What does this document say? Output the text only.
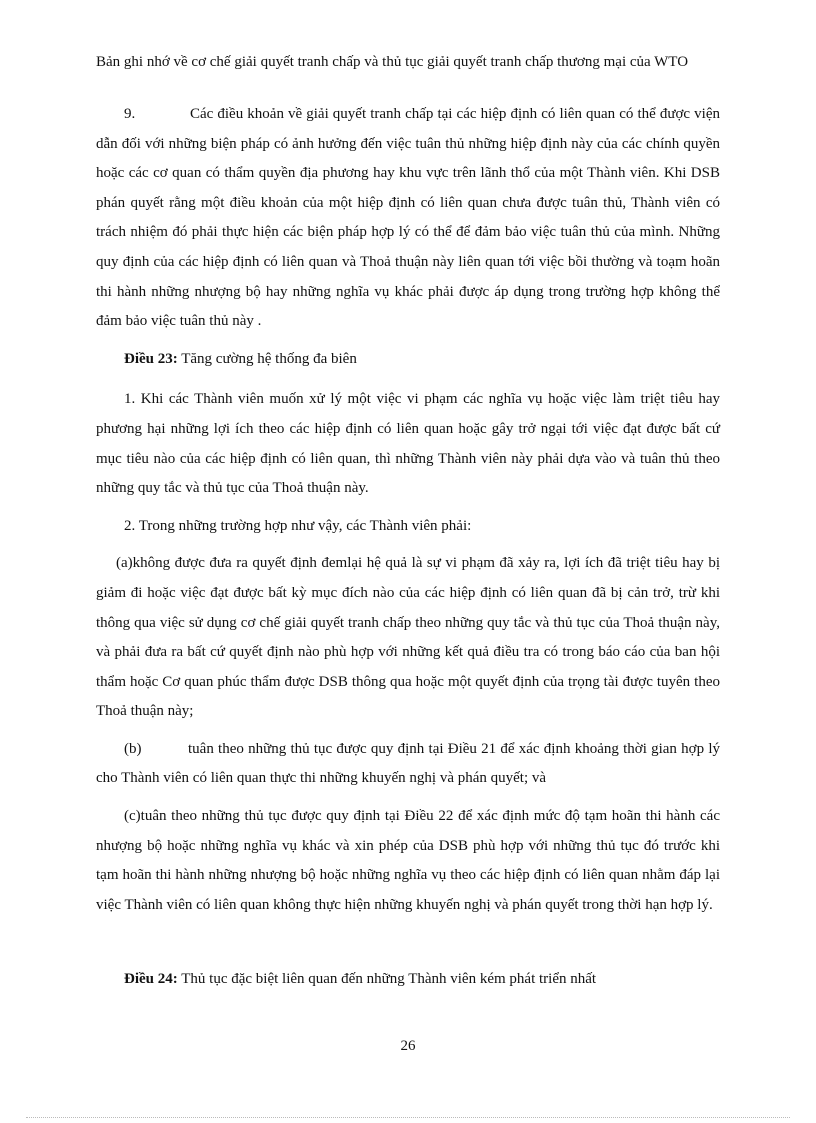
Bản ghi nhớ về cơ chế giải quyết tranh chấp và thủ tục giải quyết tranh chấp thương mại của WTO

9.	Các điều khoản về giải quyết tranh chấp tại các hiệp định có liên quan có thể được viện dẫn đối với những biện pháp có ảnh hưởng đến việc tuân thủ những hiệp định này của các chính quyền hoặc các cơ quan có thẩm quyền địa phương hay khu vực trên lãnh thổ của một Thành viên. Khi DSB phán quyết rằng một điều khoản của một hiệp định có liên quan chưa được tuân thủ, Thành viên có trách nhiệm đó phải thực hiện các biện pháp hợp lý có thể để đảm bảo việc tuân thủ của mình. Những quy định của các hiệp định có liên quan và Thoả thuận này liên quan tới việc bồi thường và toạm hoãn thi hành những nhượng bộ hay những nghĩa vụ khác phải được áp dụng trong trường hợp không thể đảm bảo việc tuân thủ này .

Điều 23: Tăng cường hệ thống đa biên

1. Khi các Thành viên muốn xử lý một việc vi phạm các nghĩa vụ hoặc việc làm triệt tiêu hay phương hại những lợi ích theo các hiệp định có liên quan hoặc gây trở ngại tới việc đạt được bất cứ mục tiêu nào của các hiệp định có liên quan, thì những Thành viên này phải dựa vào và tuân thủ theo những quy tắc và thủ tục của Thoả thuận này.

2. Trong những trường hợp như vậy, các Thành viên phải:

(a)không được đưa ra quyết định đemlại hệ quả là sự vi phạm đã xảy ra, lợi ích đã triệt tiêu hay bị giảm đi hoặc việc đạt được bất kỳ mục đích nào của các hiệp định có liên quan đã bị cản trở, trừ khi thông qua việc sử dụng cơ chế giải quyết tranh chấp theo những quy tắc và thủ tục của Thoả thuận này, và phải đưa ra bất cứ quyết định nào phù hợp với những kết quả điều tra có trong báo cáo của ban hội thẩm hoặc Cơ quan phúc thẩm được DSB thông qua hoặc một quyết định của trọng tài được tuyên theo Thoả thuận này;

(b)	tuân theo những thủ tục được quy định tại Điều 21 để xác định khoảng thời gian hợp lý cho Thành viên có liên quan thực thi những khuyến nghị và phán quyết; và

(c)tuân theo những thủ tục được quy định tại Điều 22 để xác định mức độ tạm hoãn thi hành các nhượng bộ hoặc những nghĩa vụ khác và xin phép của DSB phù hợp với những thủ tục đó trước khi tạm hoãn thi hành những nhượng bộ hoặc những nghĩa vụ theo các hiệp định có liên quan nhằm đáp lại việc Thành viên có liên quan không thực hiện những khuyến nghị và phán quyết trong thời hạn hợp lý.

Điều 24: Thủ tục đặc biệt liên quan đến những Thành viên kém phát triển nhất

26
